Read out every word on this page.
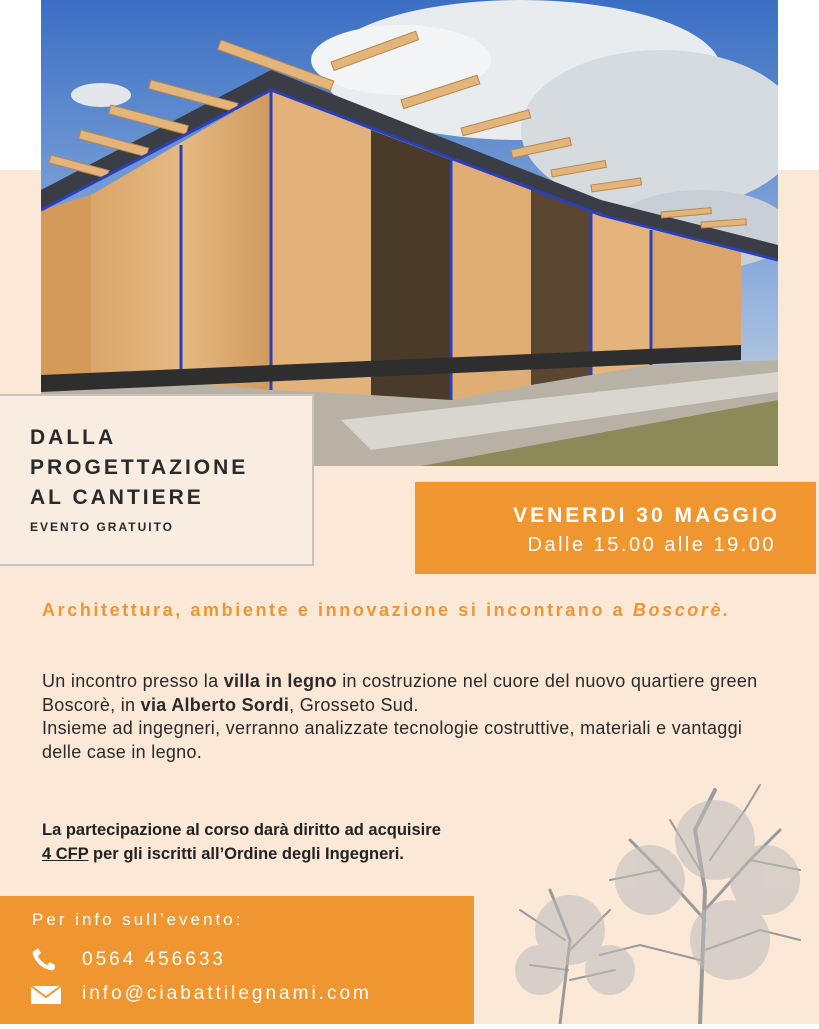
DALLA
PROGETTAZIONE
AL CANTIERE
EVENTO GRATUITO	VENERDI 30 MAGGIO
Dalle 15.00 alle 19.00
Architettura, ambiente e innovazione si incontrano a Boscorè.

Un incontro presso la villa in legno in costruzione nel cuore del nuovo quartiere green Boscorè, in via Alberto Sordi, Grosseto Sud.

Insieme ad ingegneri, verranno analizzate tecnologie costruttive, materiali e vantaggi delle case in legno.

La partecipazione al corso darà diritto ad acquisire

4 CFP per gli iscritti all’Ordine degli Ingegneri.

Per info sull’evento:
0564 456633
info@ciabattilegnami.com
